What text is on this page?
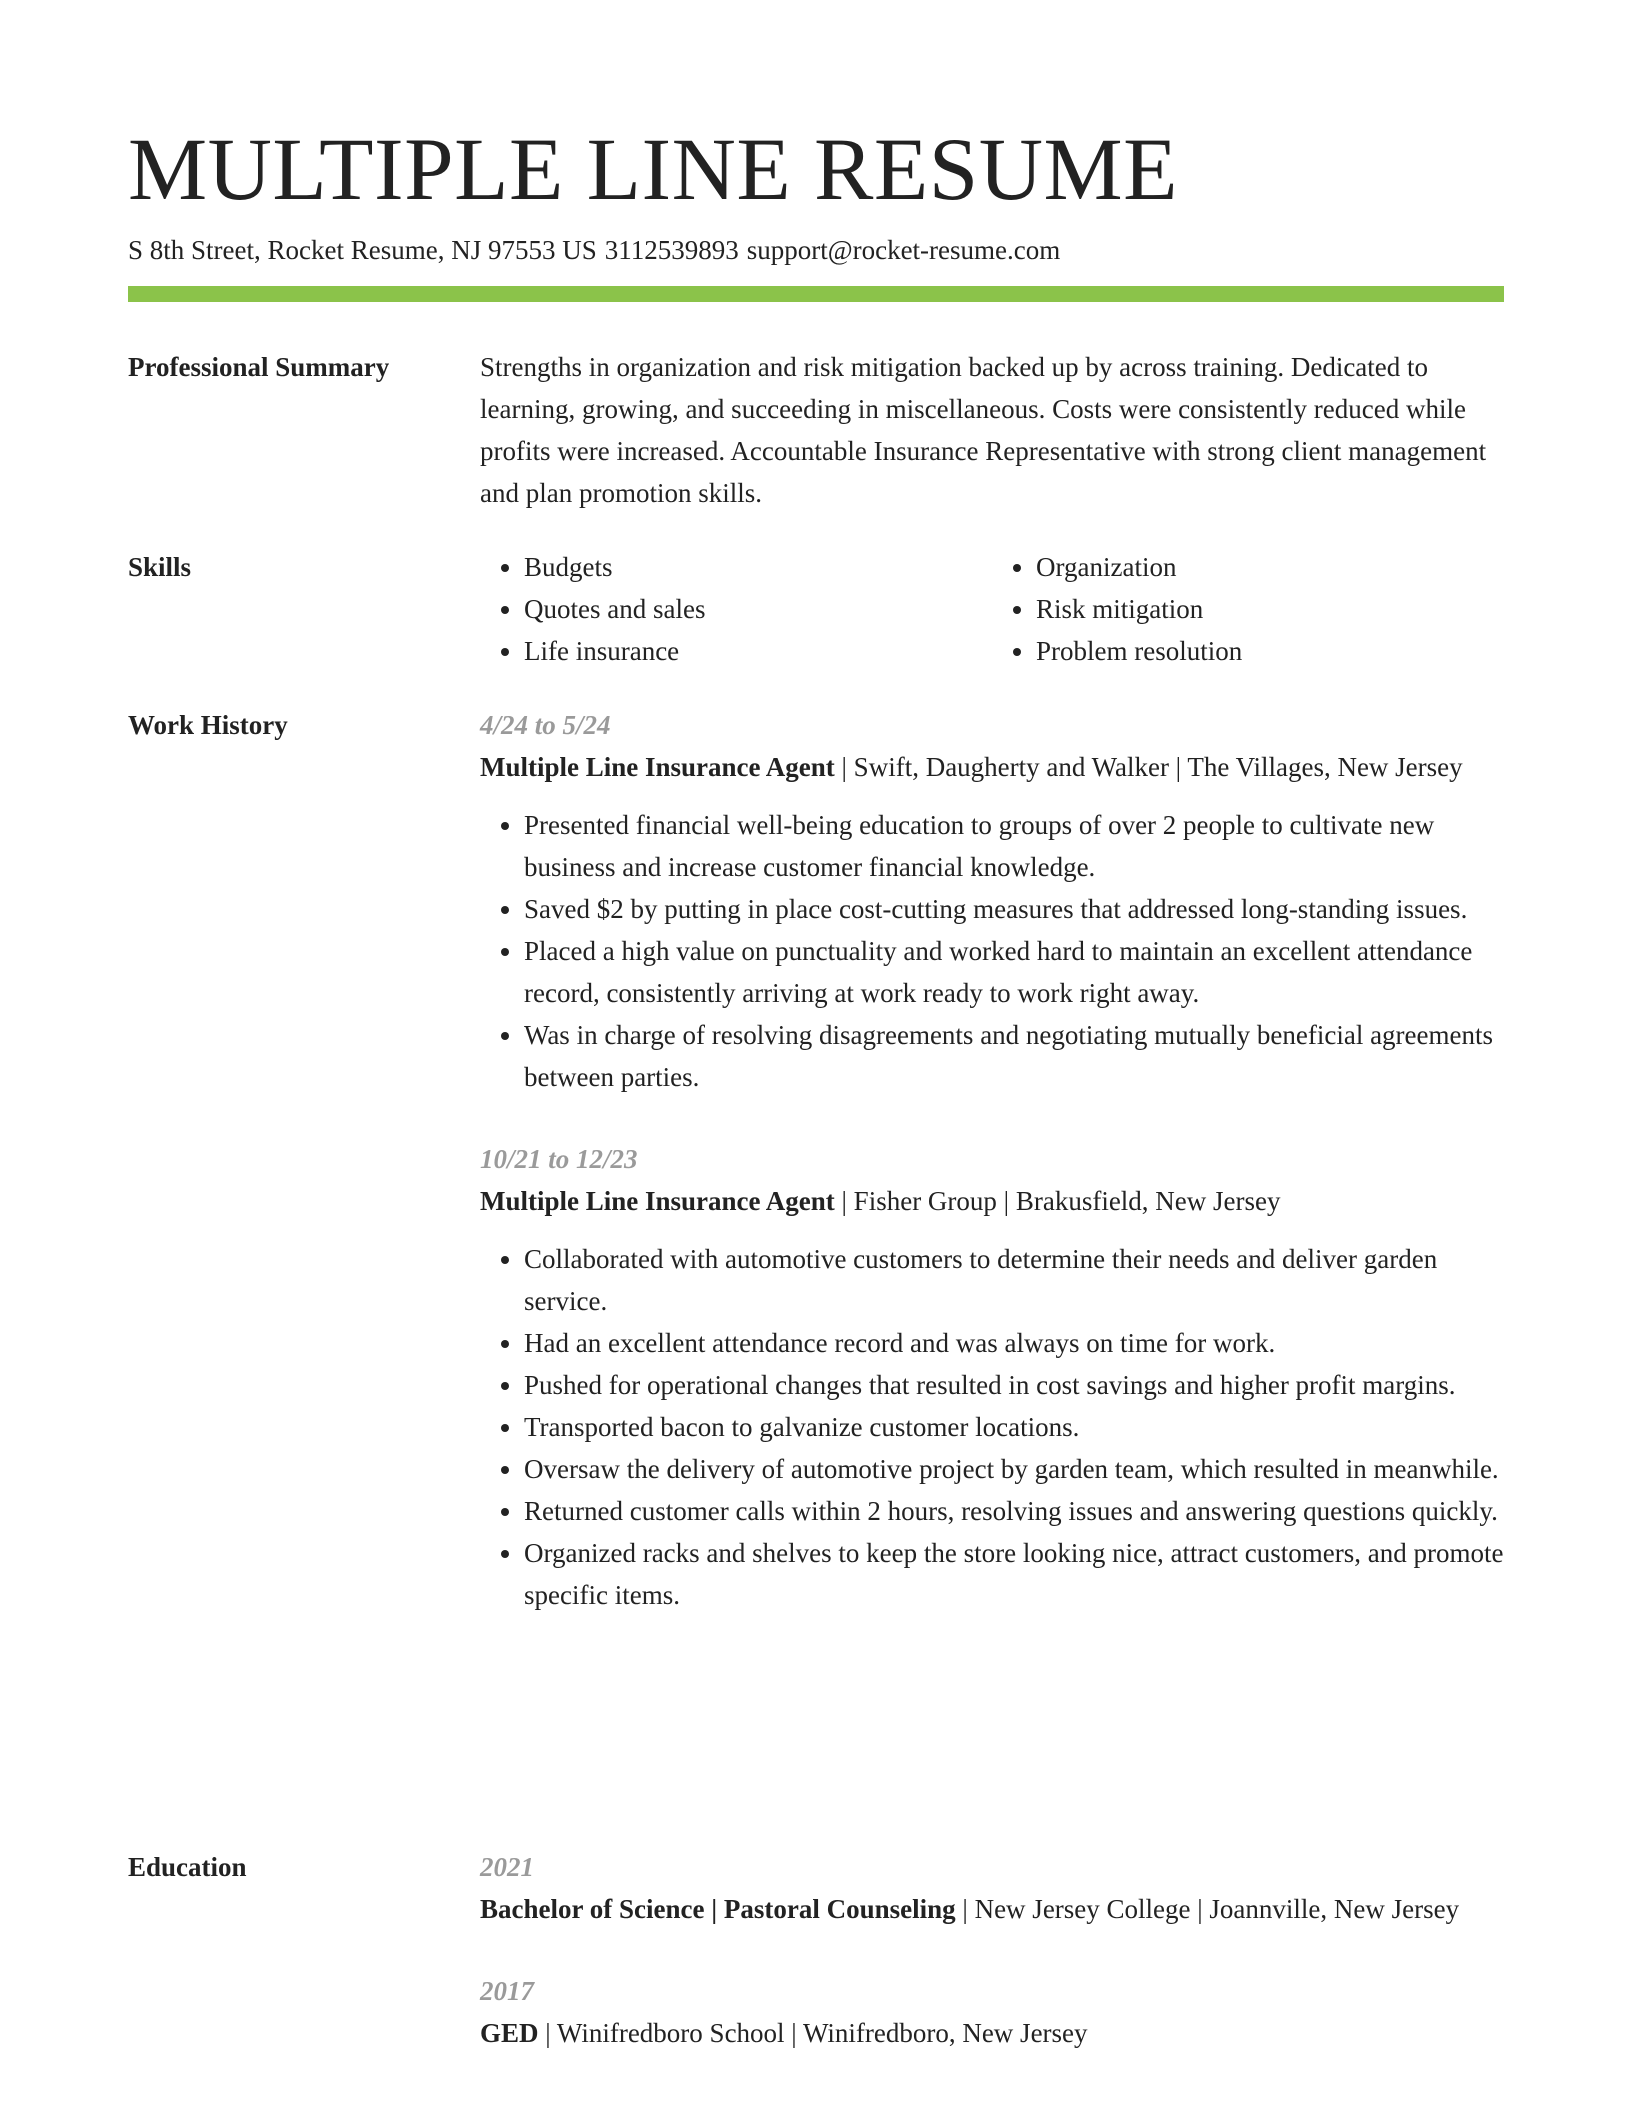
MULTIPLE LINE RESUME

S 8th Street, Rocket Resume, NJ 97553 US 3112539893 support@rocket-resume.com

Professional Summary	Strengths in organization and risk mitigation backed up by across training. Dedicated to learning, growing, and succeeding in miscellaneous. Costs were consistently reduced while profits were increased. Accountable Insurance Representative with strong client management and plan promotion skills.

Skills
•	Budgets
• Quotes and sales
• Life insurance
• Organization
• Risk mitigation
• Problem resolution
Work History	4/24 to 5/24
Multiple Line Insurance Agent | Swift, Daugherty and Walker | The Villages, New Jersey
• Presented financial well-being education to groups of over 2 people to cultivate new business and increase customer financial knowledge.
• Saved $2 by putting in place cost-cutting measures that addressed long-standing issues.
• Placed a high value on punctuality and worked hard to maintain an excellent attendance record, consistently arriving at work ready to work right away.
• Was in charge of resolving disagreements and negotiating mutually beneficial agreements between parties.
10/21 to 12/23
Multiple Line Insurance Agent | Fisher Group | Brakusfield, New Jersey
• Collaborated with automotive customers to determine their needs and deliver garden service.
• Had an excellent attendance record and was always on time for work.
• Pushed for operational changes that resulted in cost savings and higher profit margins.
• Transported bacon to galvanize customer locations.
• Oversaw the delivery of automotive project by garden team, which resulted in meanwhile.
• Returned customer calls within 2 hours, resolving issues and answering questions quickly.
• Organized racks and shelves to keep the store looking nice, attract customers, and promote specific items.
Education	2021
Bachelor of Science | Pastoral Counseling | New Jersey College | Joannville, New Jersey
2017
GED | Winifredboro School | Winifredboro, New Jersey
